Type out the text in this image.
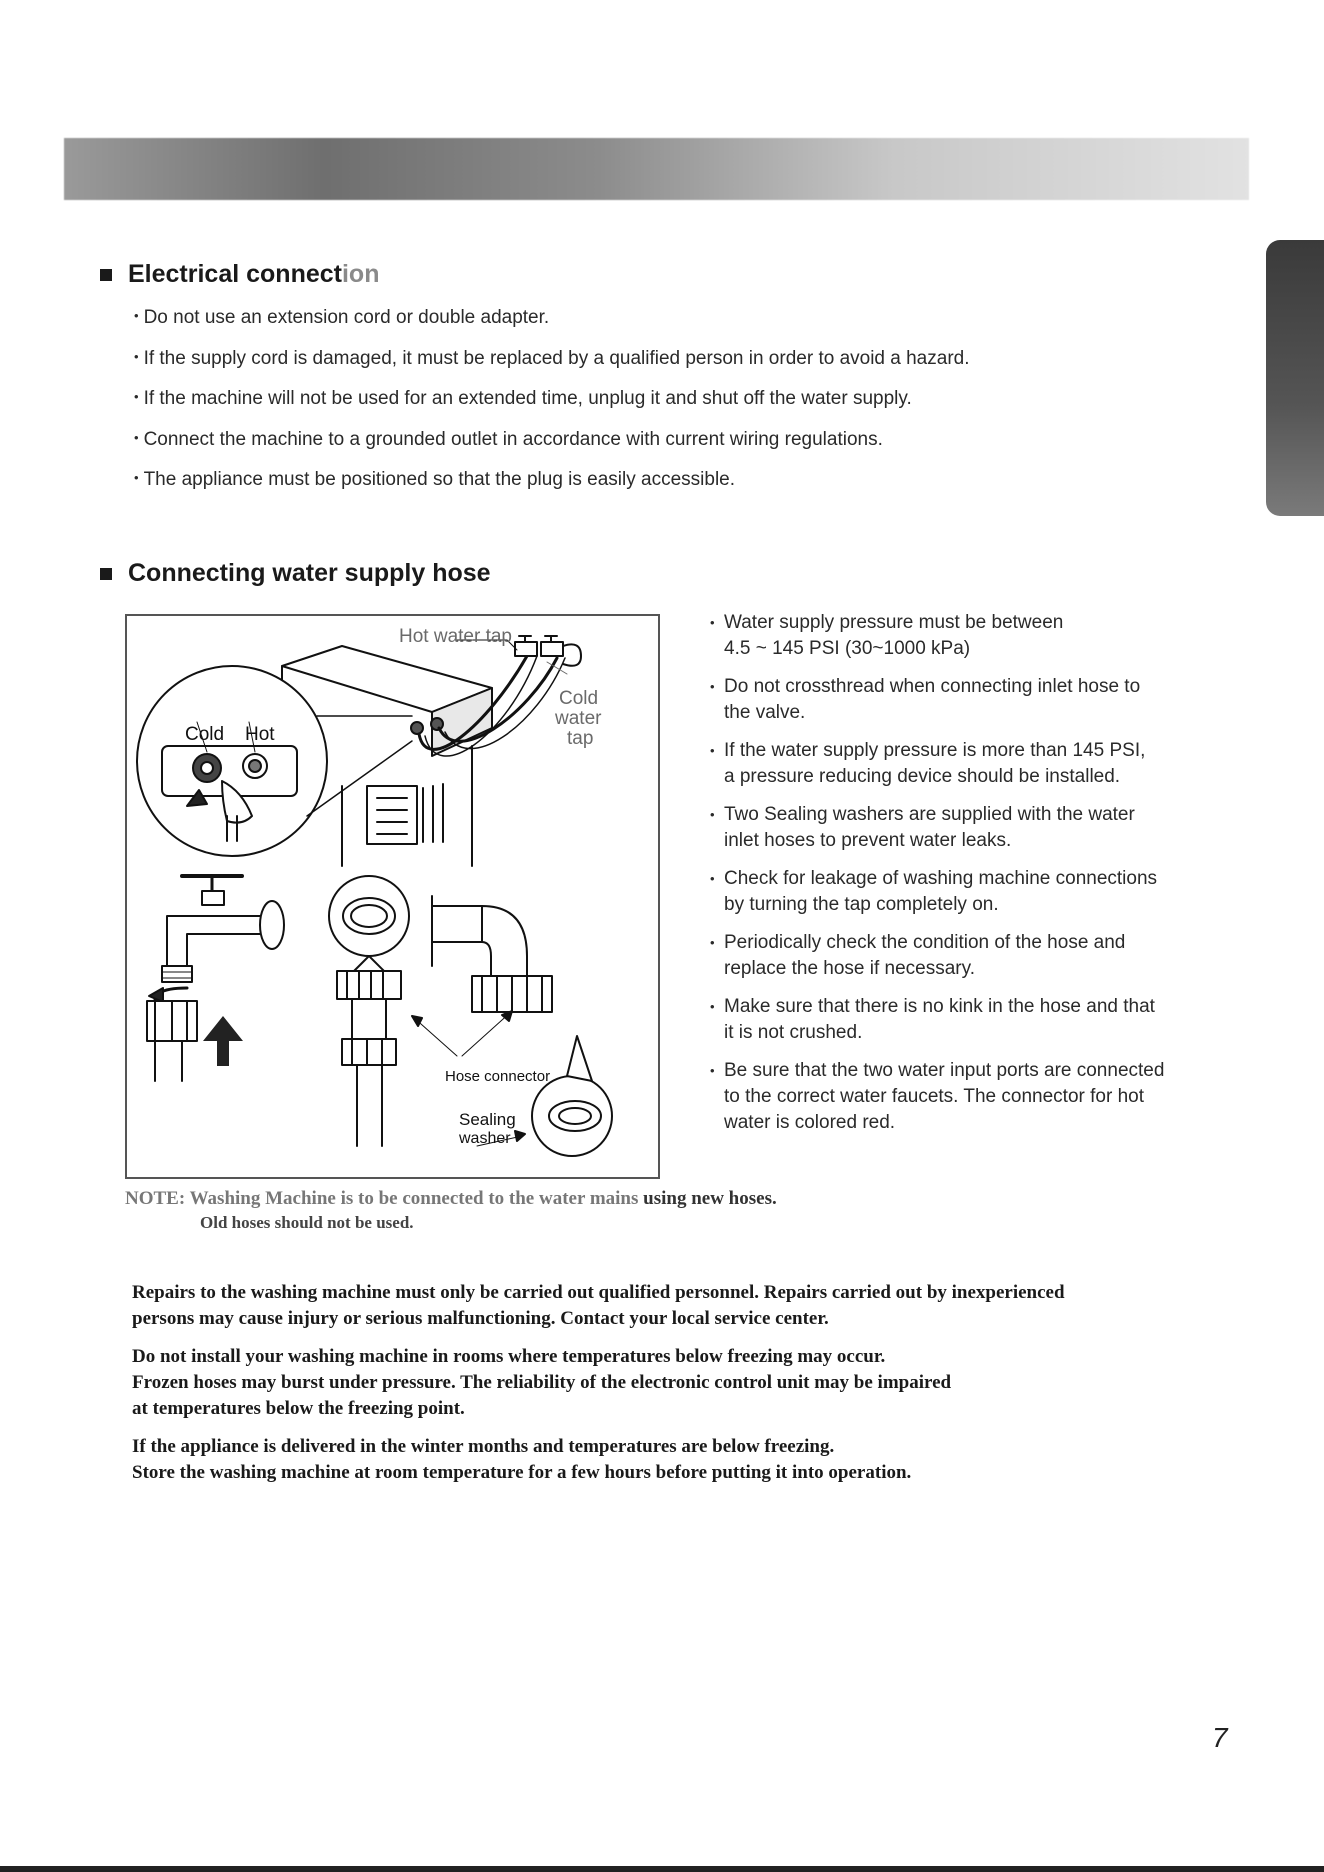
Electrical connect ion
• Do not use an extension cord or double adapter.
• If the supply cord is damaged, it must be replaced by a qualified person in order to avoid a hazard.
• If the machine will not be used for an extended time, unplug it and shut off the water supply.
• Connect the machine to a grounded outlet in accordance with current wiring regulations.
• The appliance must be positioned so that the plug is easily accessible.
Connecting water supply hose
Hot water tap
Cold
water
tap
Cold Hot
Hose connector
Sealing
washer
• Water supply pressure must be between
4.5 ~ 145 PSI (30~1000 kPa)
• Do not crossthread when connecting inlet hose to
the valve.
• If the water supply pressure is more than 145 PSI,
a pressure reducing device should be installed.
• Two Sealing washers are supplied with the water
inlet hoses to prevent water leaks.
• Check for leakage of washing machine connections
by turning the tap completely on.
• Periodically check the condition of the hose and
replace the hose if necessary.
• Make sure that there is no kink in the hose and that
it is not crushed.
• Be sure that the two water input ports are connected
to the correct water faucets. The connector for hot
water is colored red.
NOTE: Washing Machine is to be connected to the water mains using new hoses.
Old hoses should not be used.

Repairs to the washing machine must only be carried out qualified personnel. Repairs carried out by inexperienced
persons may cause injury or serious malfunctioning. Contact your local service center.

Do not install your washing machine in rooms where temperatures below freezing may occur.
Frozen hoses may burst under pressure. The reliability of the electronic control unit may be impaired
at temperatures below the freezing point.

If the appliance is delivered in the winter months and temperatures are below freezing.
Store the washing machine at room temperature for a few hours before putting it into operation.

7
